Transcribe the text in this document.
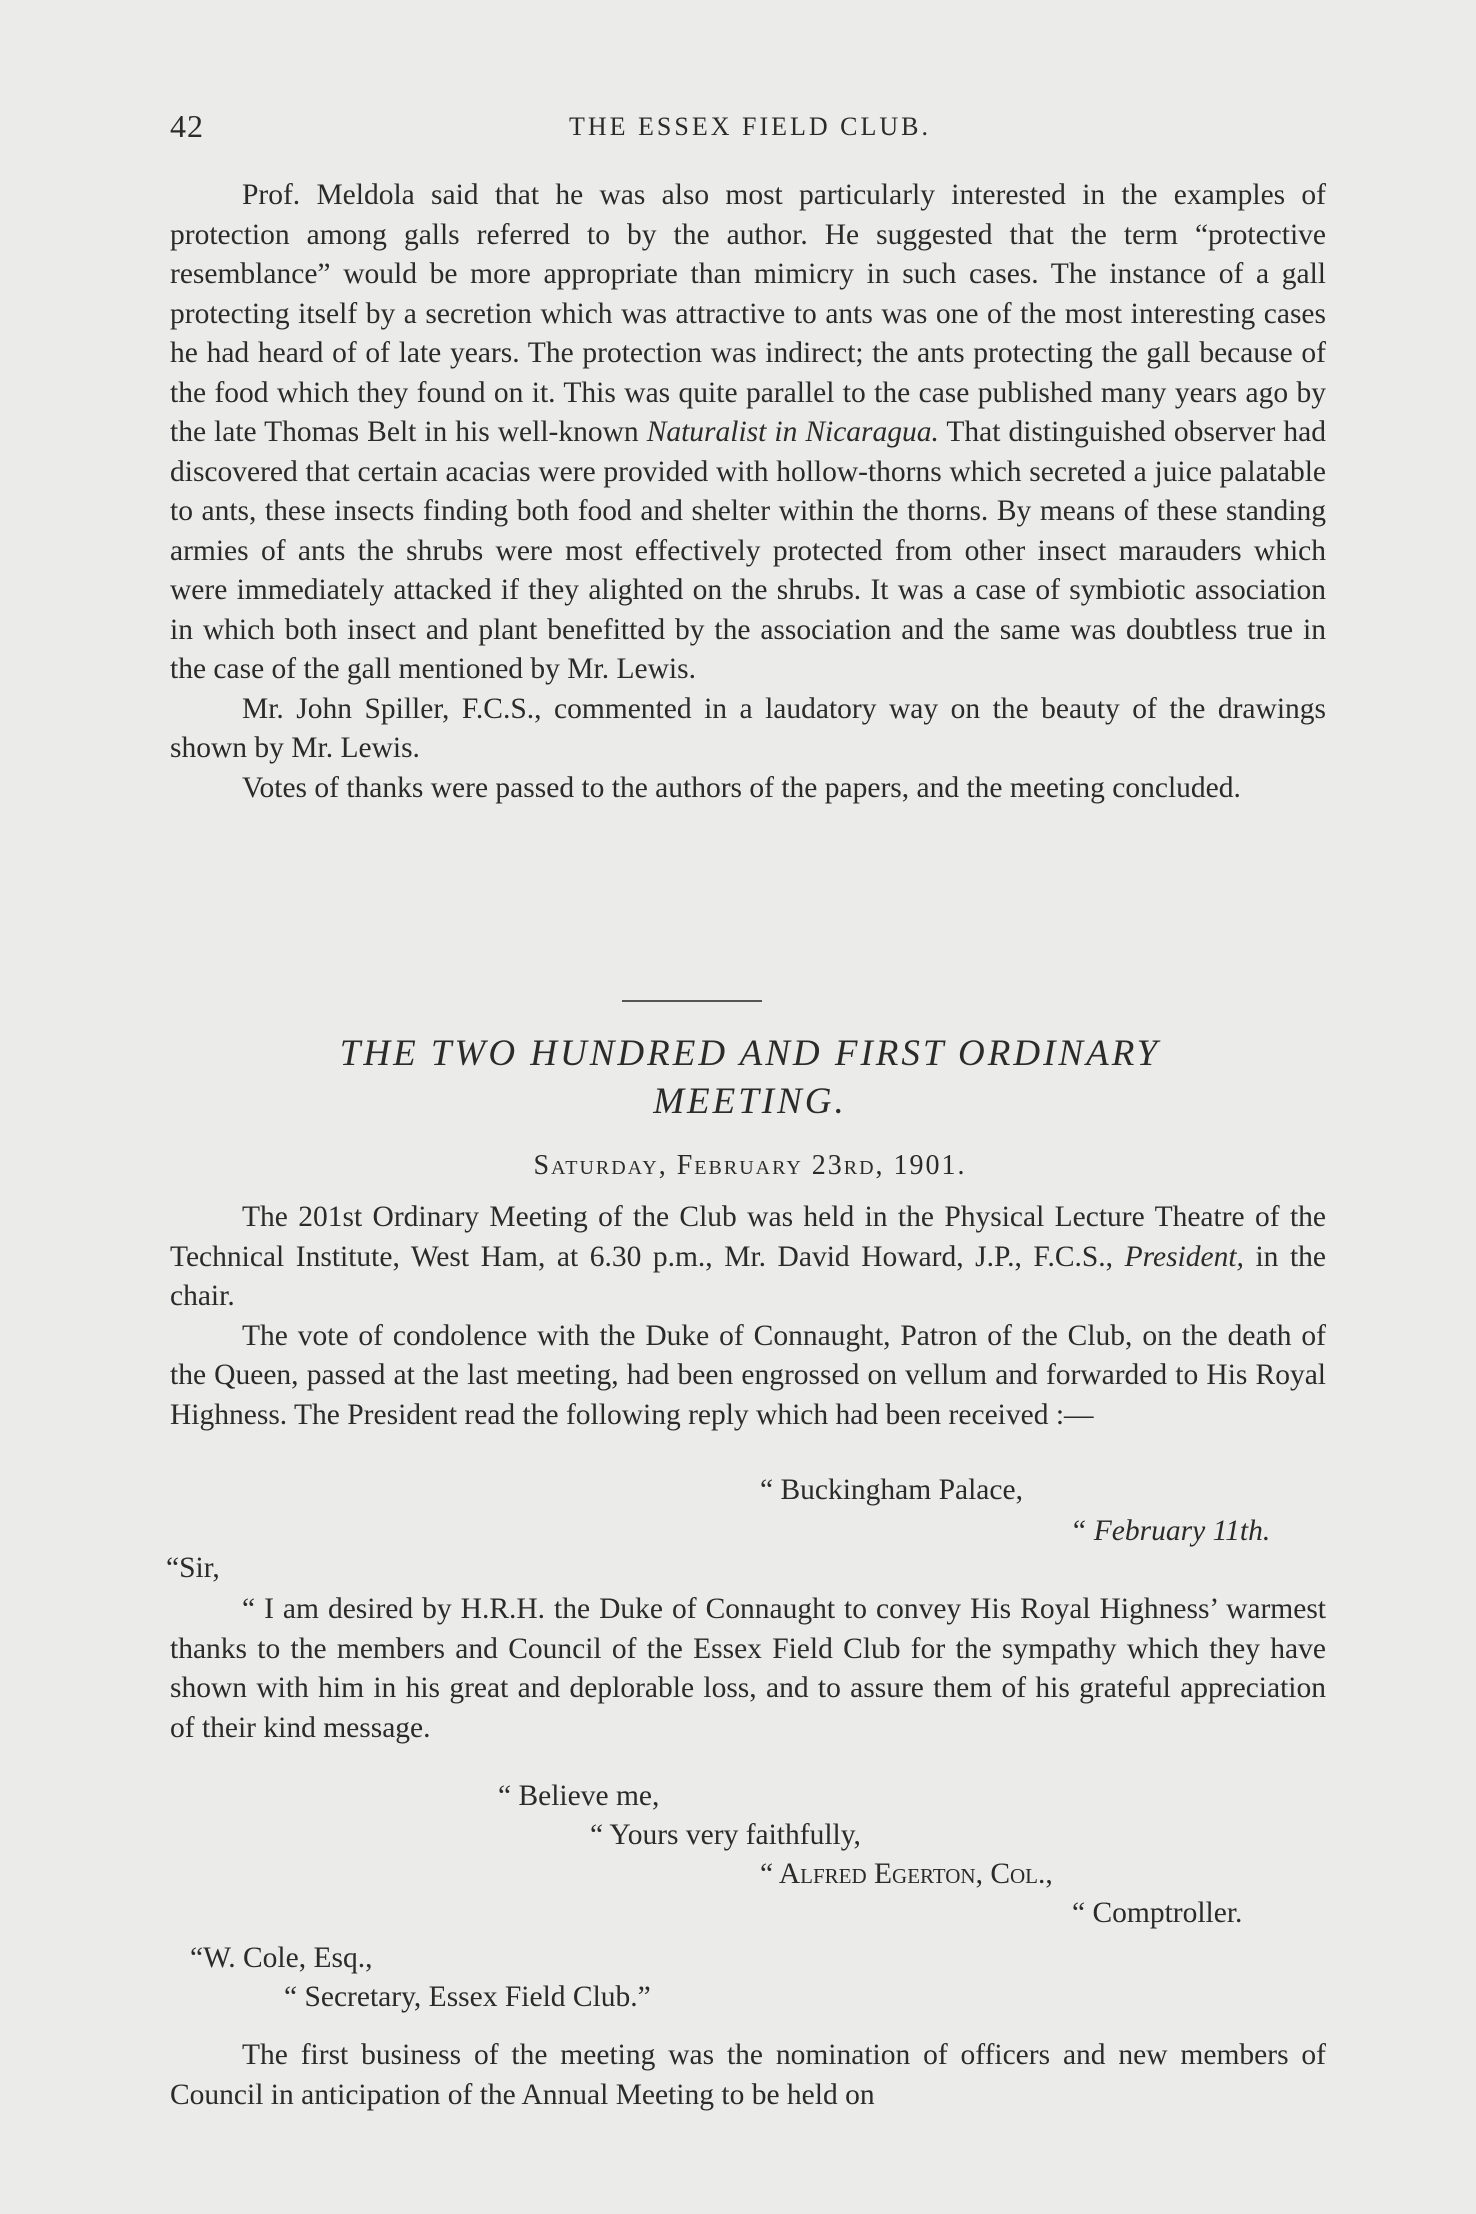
42	THE ESSEX FIELD CLUB.

Prof. Meldola said that he was also most particularly interested in the examples of protection among galls referred to by the author. He suggested that the term “protective resemblance” would be more appropriate than mimicry in such cases. The instance of a gall protecting itself by a secretion which was attractive to ants was one of the most interesting cases he had heard of of late years. The protection was indirect; the ants protecting the gall because of the food which they found on it. This was quite parallel to the case published many years ago by the late Thomas Belt in his well-known Naturalist in Nicaragua. That distinguished observer had discovered that certain acacias were provided with hollow-thorns which secreted a juice palatable to ants, these insects finding both food and shelter within the thorns. By means of these standing armies of ants the shrubs were most effectively protected from other insect marauders which were immediately attacked if they alighted on the shrubs. It was a case of symbiotic association in which both insect and plant benefitted by the association and the same was doubtless true in the case of the gall mentioned by Mr. Lewis.

Mr. John Spiller, F.C.S., commented in a laudatory way on the beauty of the drawings shown by Mr. Lewis.

Votes of thanks were passed to the authors of the papers, and the meeting concluded.

THE TWO HUNDRED AND FIRST ORDINARY
MEETING.
Saturday, February 23rd, 1901.

The 201st Ordinary Meeting of the Club was held in the Physical Lecture Theatre of the Technical Institute, West Ham, at 6.30 p.m., Mr. David Howard, J.P., F.C.S., President, in the chair.

The vote of condolence with the Duke of Connaught, Patron of the Club, on the death of the Queen, passed at the last meeting, had been engrossed on vellum and forwarded to His Royal Highness. The President read the following reply which had been received :—

“ Buckingham Palace,
“ February 11th.
“Sir,

“ I am desired by H.R.H. the Duke of Connaught to convey His Royal Highness’ warmest thanks to the members and Council of the Essex Field Club for the sympathy which they have shown with him in his great and deplorable loss, and to assure them of his grateful appreciation of their kind message.

“ Believe me,
“ Yours very faithfully,
“ Alfred Egerton, Col.,
“ Comptroller.
“W. Cole, Esq.,
“ Secretary, Essex Field Club.”

The first business of the meeting was the nomination of officers and new members of Council in anticipation of the Annual Meeting to be held on
